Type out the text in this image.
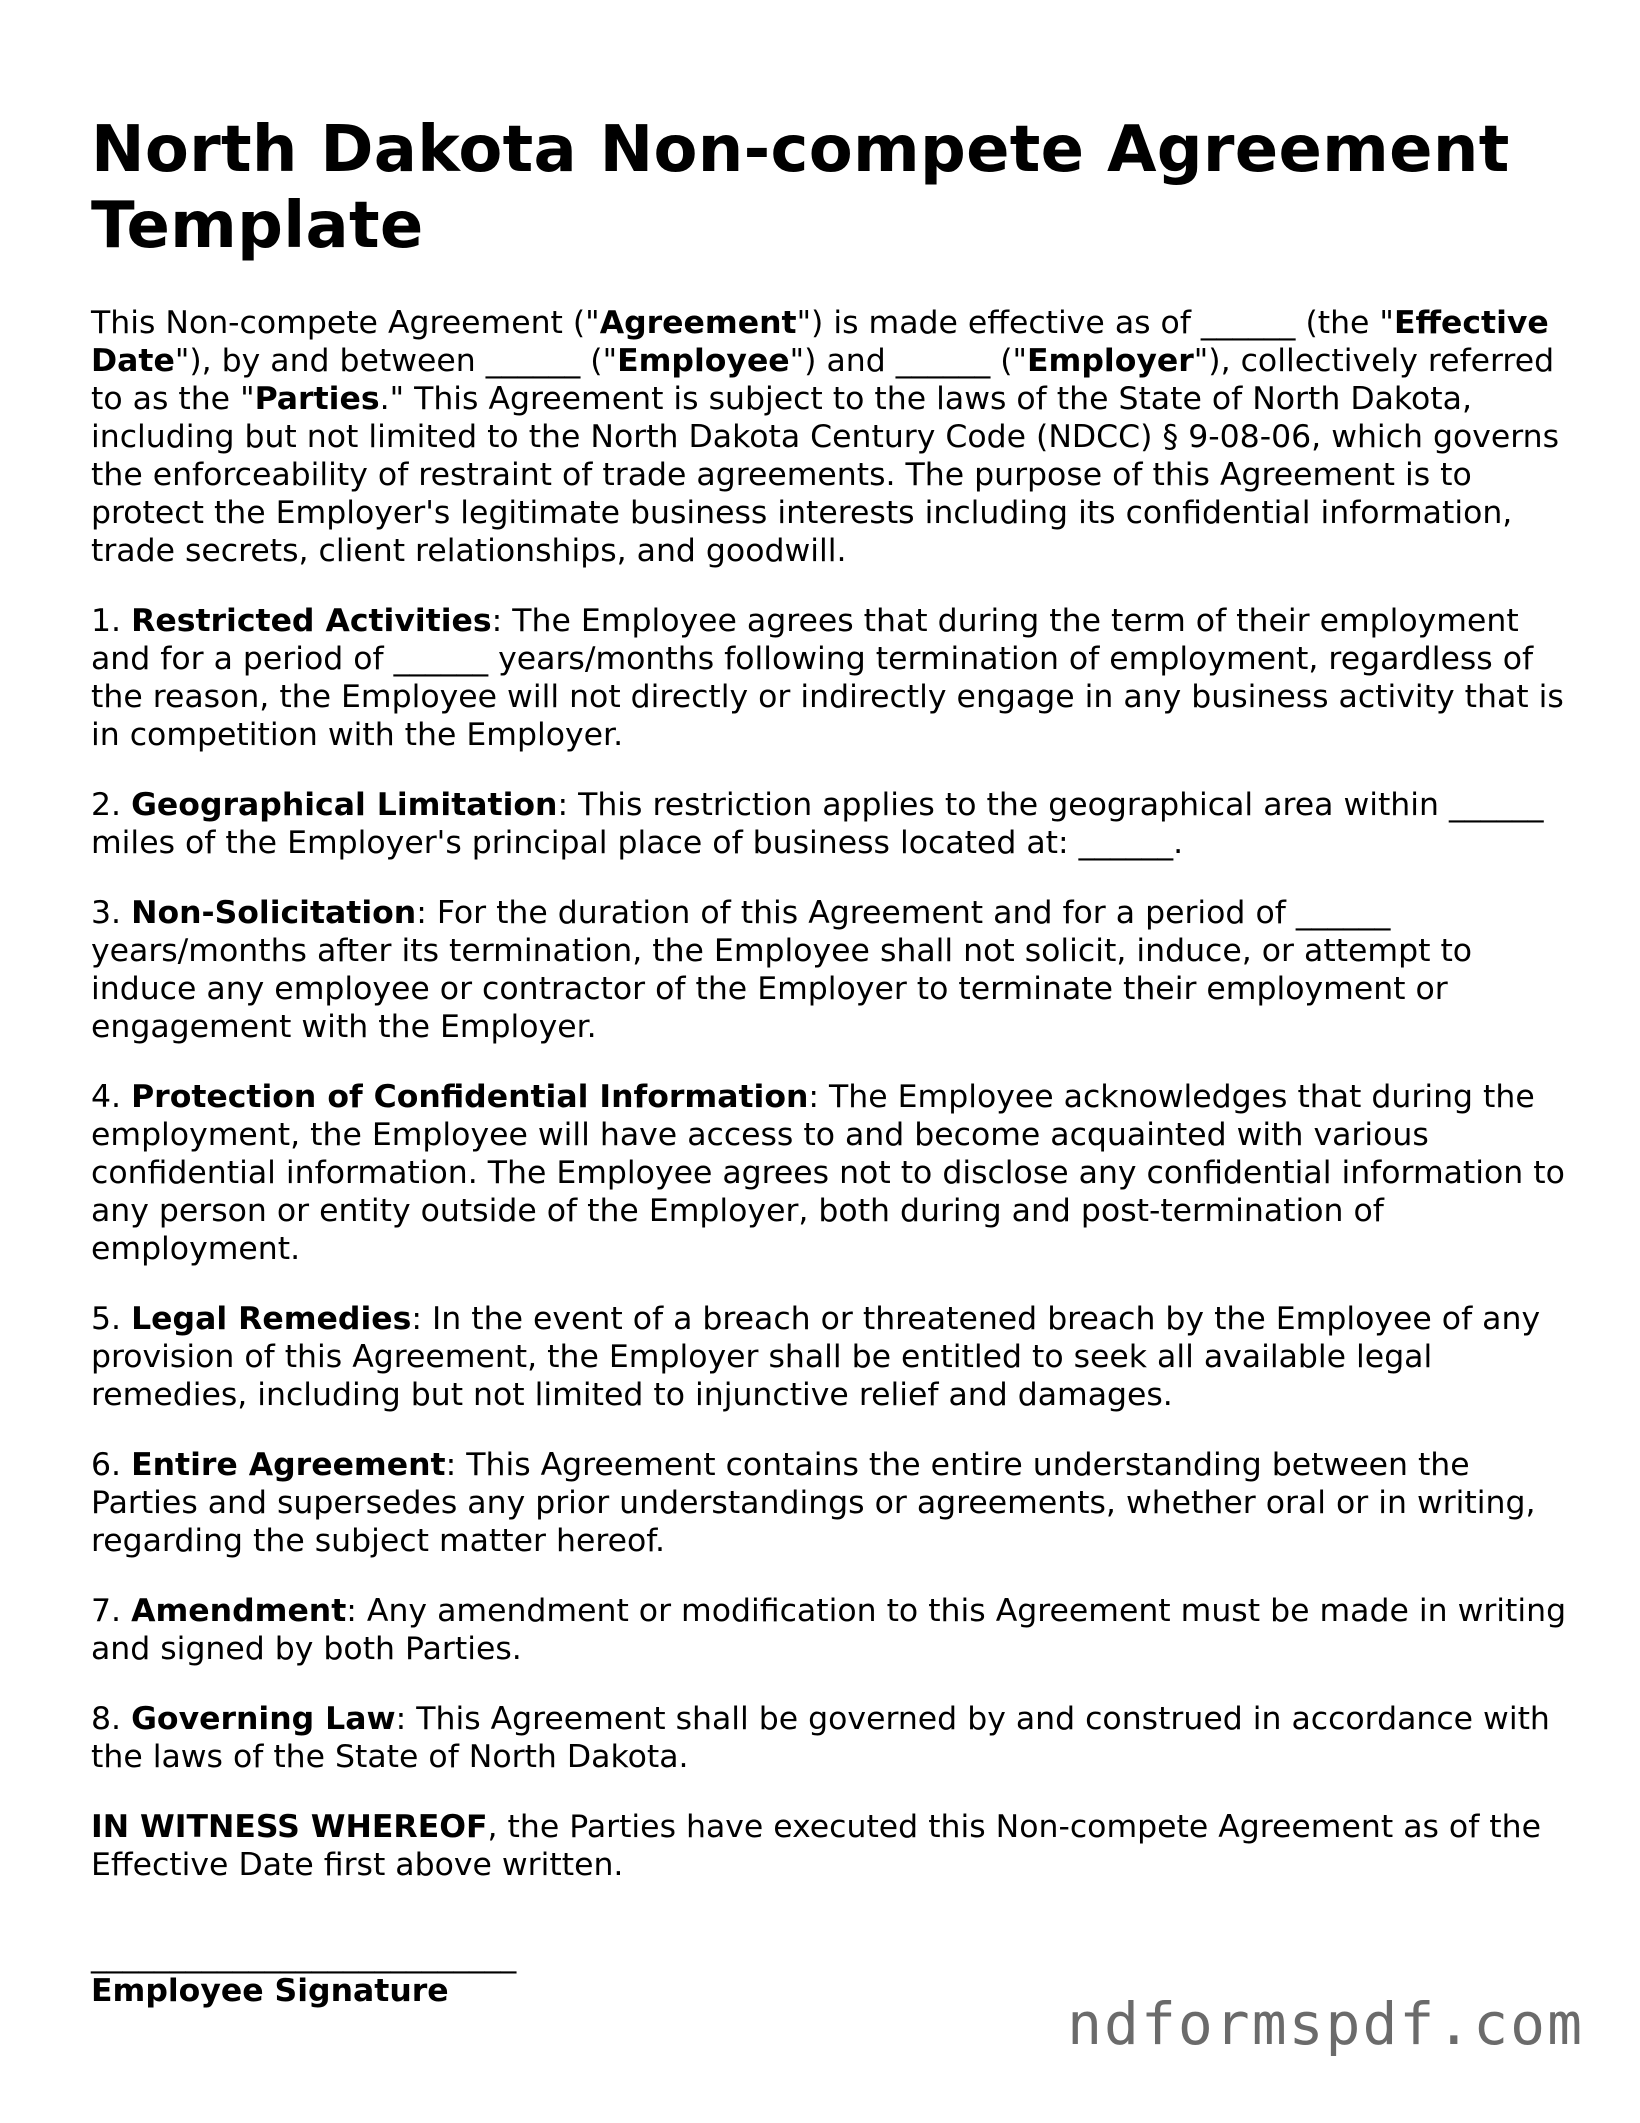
North Dakota Non-compete Agreement Template

This Non-compete Agreement ("Agreement") is made effective as of ______ (the "Effective Date"), by and between ______ ("Employee") and ______ ("Employer"), collectively referred to as the "Parties." This Agreement is subject to the laws of the State of North Dakota, including but not limited to the North Dakota Century Code (NDCC) § 9-08-06, which governs the enforceability of restraint of trade agreements. The purpose of this Agreement is to protect the Employer's legitimate business interests including its confidential information, trade secrets, client relationships, and goodwill.

1. Restricted Activities: The Employee agrees that during the term of their employment and for a period of ______ years/months following termination of employment, regardless of the reason, the Employee will not directly or indirectly engage in any business activity that is in competition with the Employer.

2. Geographical Limitation: This restriction applies to the geographical area within ______ miles of the Employer's principal place of business located at: ______.

3. Non-Solicitation: For the duration of this Agreement and for a period of ______ years/months after its termination, the Employee shall not solicit, induce, or attempt to induce any employee or contractor of the Employer to terminate their employment or engagement with the Employer.

4. Protection of Confidential Information: The Employee acknowledges that during the employment, the Employee will have access to and become acquainted with various confidential information. The Employee agrees not to disclose any confidential information to any person or entity outside of the Employer, both during and post-termination of employment.

5. Legal Remedies: In the event of a breach or threatened breach by the Employee of any provision of this Agreement, the Employer shall be entitled to seek all available legal remedies, including but not limited to injunctive relief and damages.

6. Entire Agreement: This Agreement contains the entire understanding between the Parties and supersedes any prior understandings or agreements, whether oral or in writing, regarding the subject matter hereof.

7. Amendment: Any amendment or modification to this Agreement must be made in writing and signed by both Parties.

8. Governing Law: This Agreement shall be governed by and construed in accordance with the laws of the State of North Dakota.

IN WITNESS WHEREOF, the Parties have executed this Non-compete Agreement as of the Effective Date first above written.

___________________________
Employee Signature	ndformspdf.com
